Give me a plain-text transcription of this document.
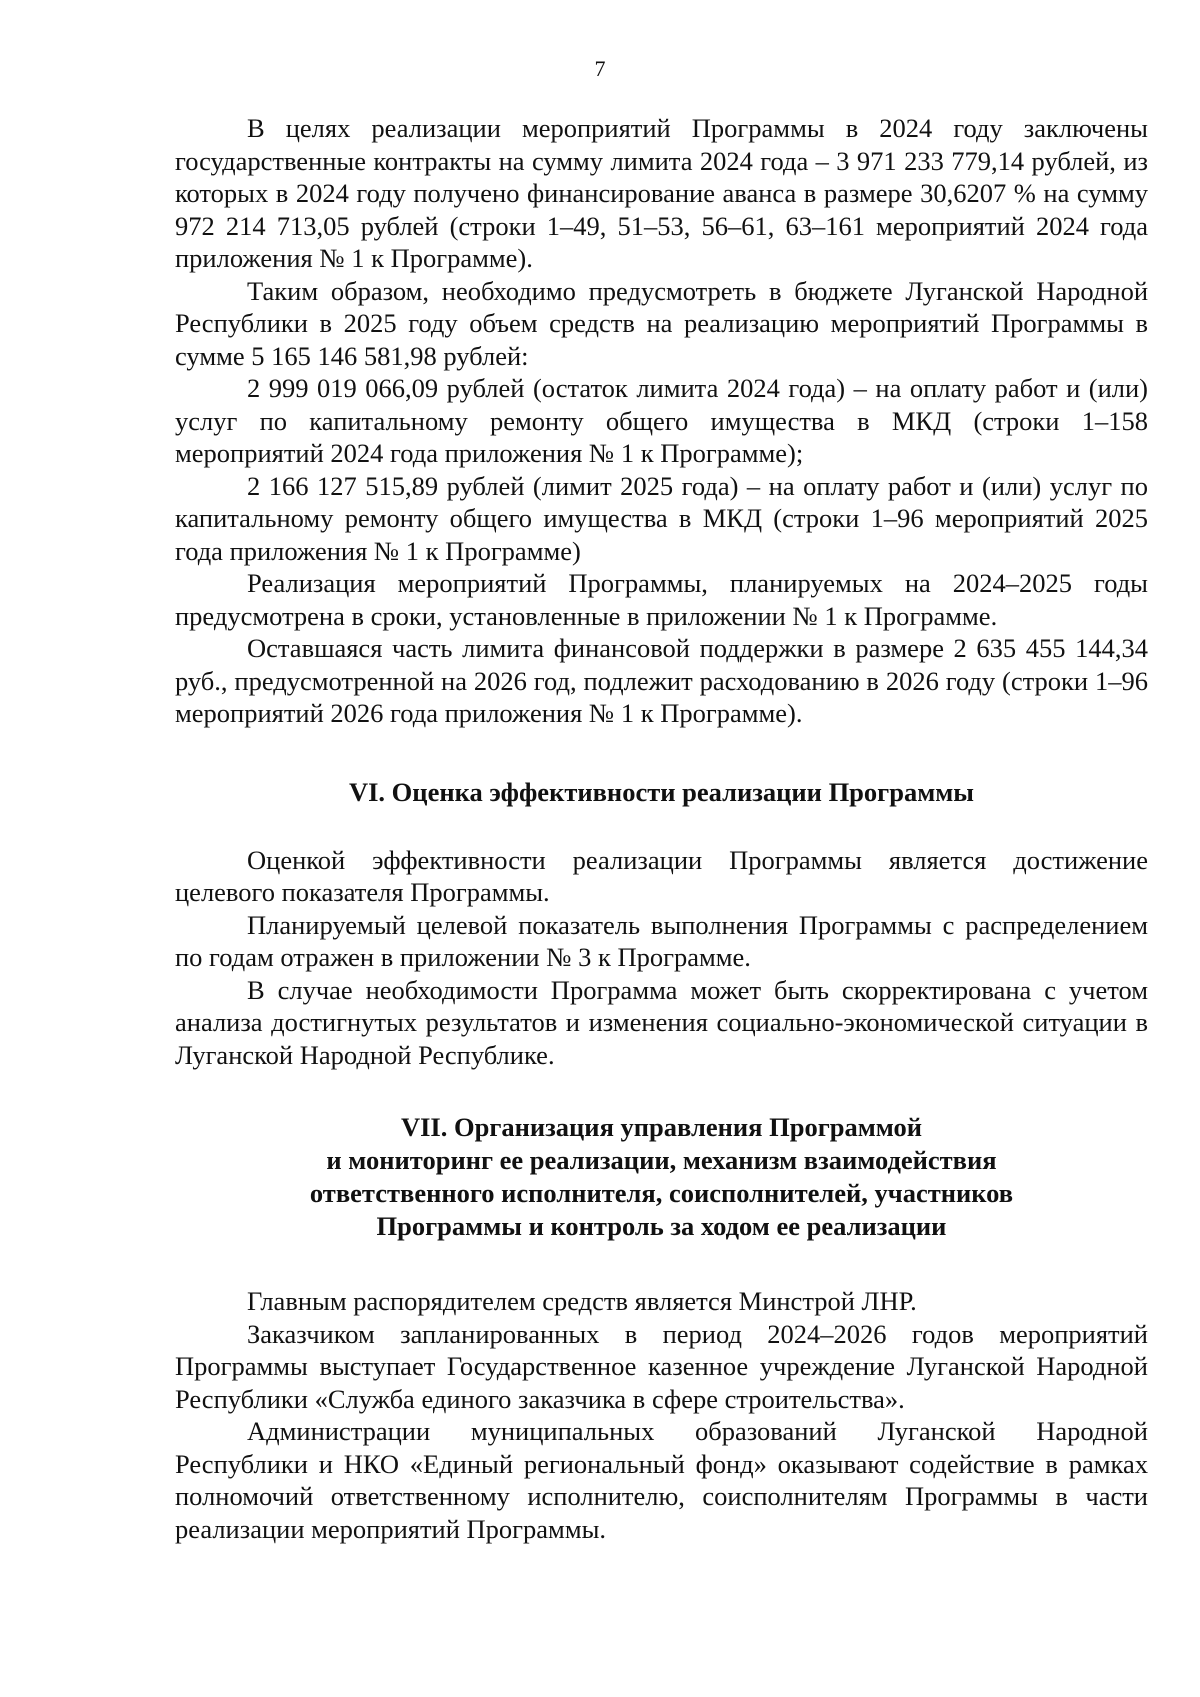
7

В целях реализации мероприятий Программы в 2024 году заключены государственные контракты на сумму лимита 2024 года – 3 971 233 779,14 рублей, из которых в 2024 году получено финансирование аванса в размере 30,6207 % на сумму 972 214 713,05 рублей (строки 1–49, 51–53, 56–61, 63–161 мероприятий 2024 года приложения № 1 к Программе).

Таким образом, необходимо предусмотреть в бюджете Луганской Народной Республики в 2025 году объем средств на реализацию мероприятий Программы в сумме 5 165 146 581,98 рублей:

2 999 019 066,09 рублей (остаток лимита 2024 года) – на оплату работ и (или) услуг по капитальному ремонту общего имущества в МКД (строки 1–158 мероприятий 2024 года приложения № 1 к Программе);

2 166 127 515,89 рублей (лимит 2025 года) – на оплату работ и (или) услуг по капитальному ремонту общего имущества в МКД (строки 1–96 мероприятий 2025 года приложения № 1 к Программе)

Реализация мероприятий Программы, планируемых на 2024–2025 годы предусмотрена в сроки, установленные в приложении № 1 к Программе.

Оставшаяся часть лимита финансовой поддержки в размере 2 635 455 144,34 руб., предусмотренной на 2026 год, подлежит расходованию в 2026 году (строки 1–96 мероприятий 2026 года приложения № 1 к Программе).

VI. Оценка эффективности реализации Программы

Оценкой эффективности реализации Программы является достижение целевого показателя Программы.

Планируемый целевой показатель выполнения Программы с распределением по годам отражен в приложении № 3 к Программе.

В случае необходимости Программа может быть скорректирована с учетом анализа достигнутых результатов и изменения социально-экономической ситуации в Луганской Народной Республике.

VII. Организация управления Программой
и мониторинг ее реализации, механизм взаимодействия
ответственного исполнителя, соисполнителей, участников
Программы и контроль за ходом ее реализации

Главным распорядителем средств является Минстрой ЛНР.

Заказчиком запланированных в период 2024–2026 годов мероприятий Программы выступает Государственное казенное учреждение Луганской Народной Республики «Служба единого заказчика в сфере строительства».

Администрации муниципальных образований Луганской Народной Республики и НКО «Единый региональный фонд» оказывают содействие в рамках полномочий ответственному исполнителю, соисполнителям Программы в части реализации мероприятий Программы.
